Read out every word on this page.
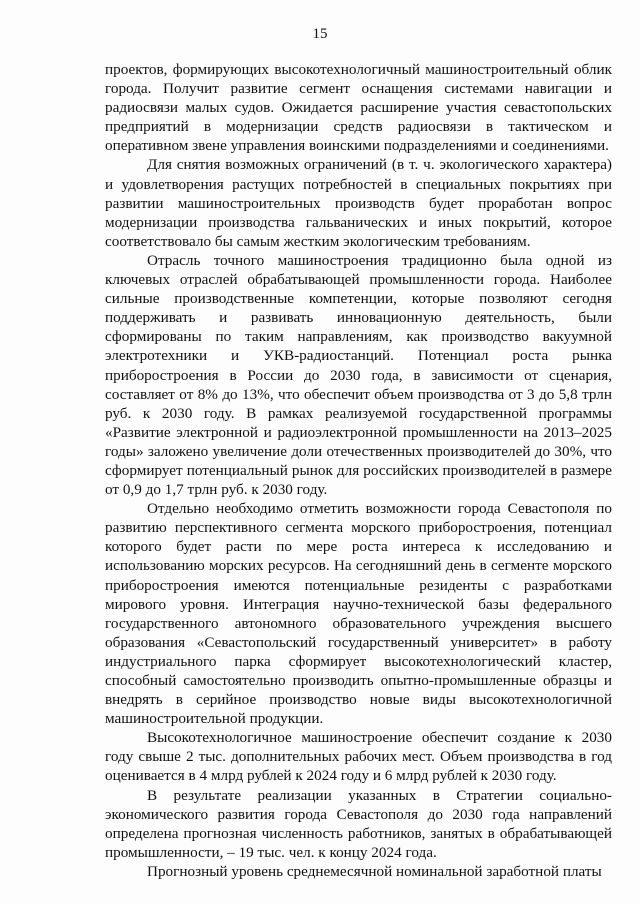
15

проектов, формирующих высокотехнологичный машиностроительный облик города. Получит развитие сегмент оснащения системами навигации и радиосвязи малых судов. Ожидается расширение участия севастопольских предприятий в модернизации средств радиосвязи в тактическом и оперативном звене управления воинскими подразделениями и соединениями.

Для снятия возможных ограничений (в т. ч. экологического характера) и удовлетворения растущих потребностей в специальных покрытиях при развитии машиностроительных производств будет проработан вопрос модернизации производства гальванических и иных покрытий, которое соответствовало бы самым жестким экологическим требованиям.

Отрасль точного машиностроения традиционно была одной из ключевых отраслей обрабатывающей промышленности города. Наиболее сильные производственные компетенции, которые позволяют сегодня поддерживать и развивать инновационную деятельность, были сформированы по таким направлениям, как производство вакуумной электротехники и УКВ-радиостанций. Потенциал роста рынка приборостроения в России до 2030 года, в зависимости от сценария, составляет от 8% до 13%, что обеспечит объем производства от 3 до 5,8 трлн руб. к 2030 году. В рамках реализуемой государственной программы «Развитие электронной и радиоэлектронной промышленности на 2013–2025 годы» заложено увеличение доли отечественных производителей до 30%, что сформирует потенциальный рынок для российских производителей в размере от 0,9 до 1,7 трлн руб. к 2030 году.

Отдельно необходимо отметить возможности города Севастополя по развитию перспективного сегмента морского приборостроения, потенциал которого будет расти по мере роста интереса к исследованию и использованию морских ресурсов. На сегодняшний день в сегменте морского приборостроения имеются потенциальные резиденты с разработками мирового уровня. Интеграция научно-технической базы федерального государственного автономного образовательного учреждения высшего образования «Севастопольский государственный университет» в работу индустриального парка сформирует высокотехнологический кластер, способный самостоятельно производить опытно-промышленные образцы и внедрять в серийное производство новые виды высокотехнологичной машиностроительной продукции.

Высокотехнологичное машиностроение обеспечит создание к 2030 году свыше 2 тыс. дополнительных рабочих мест. Объем производства в год оценивается в 4 млрд рублей к 2024 году и 6 млрд рублей к 2030 году.

В результате реализации указанных в Стратегии социально-экономического развития города Севастополя до 2030 года направлений определена прогнозная численность работников, занятых в обрабатывающей промышленности, – 19 тыс. чел. к концу 2024 года.

Прогнозный уровень среднемесячной номинальной заработной платы
